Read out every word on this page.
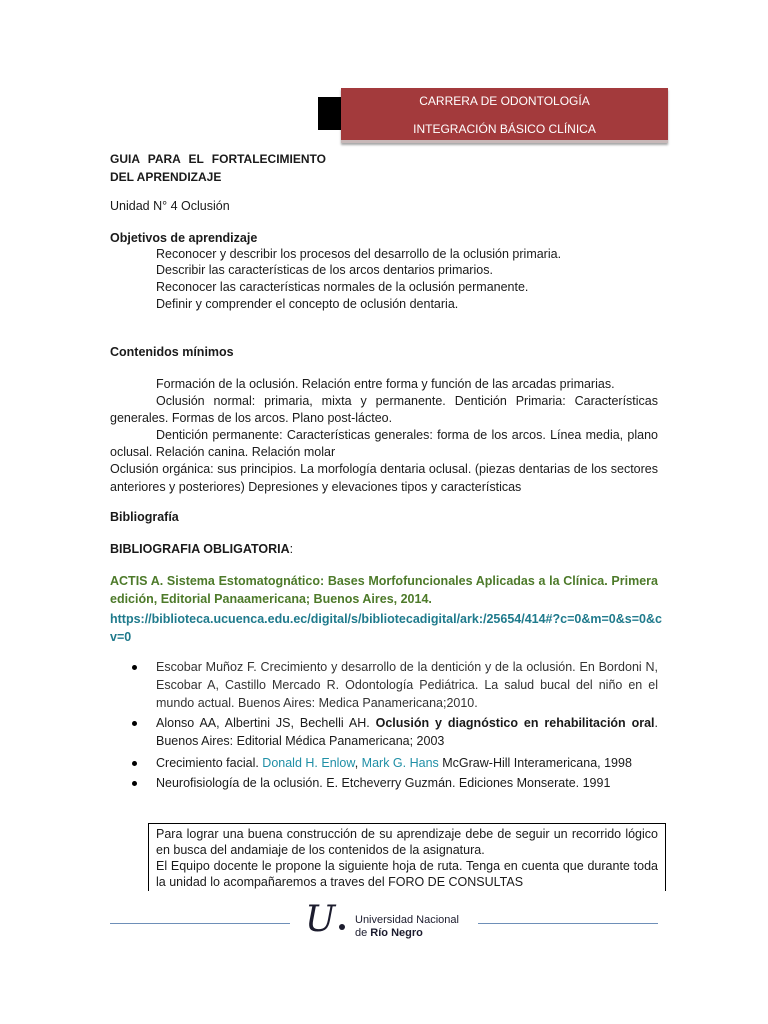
CARRERA DE ODONTOLOGÍA
INTEGRACIÓN BÁSICO CLÍNICA
GUIA PARA EL FORTALECIMIENTO
DEL APRENDIZAJE
Unidad N° 4 Oclusión
Objetivos de aprendizaje
Reconocer y describir los procesos del desarrollo de la oclusión primaria.
Describir las características de los arcos dentarios primarios.
Reconocer las características normales de la oclusión permanente.
Definir y comprender el concepto de oclusión dentaria.
Contenidos mínimos
Formación de la oclusión. Relación entre forma y función de las arcadas primarias.
Oclusión normal: primaria, mixta y permanente. Dentición Primaria: Características generales. Formas de los arcos. Plano post-lácteo.
Dentición permanente: Características generales: forma de los arcos. Línea media, plano oclusal. Relación canina. Relación molar
Oclusión orgánica: sus principios. La morfología dentaria oclusal. (piezas dentarias de los sectores anteriores y posteriores) Depresiones y elevaciones tipos y características
Bibliografía
BIBLIOGRAFIA OBLIGATORIA:
ACTIS A. Sistema Estomatognático: Bases Morfofuncionales Aplicadas a la Clínica. Primera edición, Editorial Panaamericana; Buenos Aires, 2014.
https://biblioteca.ucuenca.edu.ec/digital/s/bibliotecadigital/ark:/25654/414#?c=0&m=0&s=0&cv=0
Escobar Muñoz F. Crecimiento y desarrollo de la dentición y de la oclusión. En Bordoni N, Escobar A, Castillo Mercado R. Odontología Pediátrica. La salud bucal del niño en el mundo actual. Buenos Aires: Medica Panamericana;2010.
Alonso AA, Albertini JS, Bechelli AH. Oclusión y diagnóstico en rehabilitación oral. Buenos Aires: Editorial Médica Panamericana; 2003
Crecimiento facial. Donald H. Enlow, Mark G. Hans McGraw-Hill Interamericana, 1998
Neurofisiología de la oclusión. E. Etcheverry Guzmán. Ediciones Monserate. 1991

Para lograr una buena construcción de su aprendizaje debe de seguir un recorrido lógico en busca del andamiaje de los contenidos de la asignatura.

El Equipo docente le propone la siguiente hoja de ruta. Tenga en cuenta que durante toda la unidad lo acompañaremos a traves del FORO DE CONSULTAS

U Universidad Nacional
de Río Negro
